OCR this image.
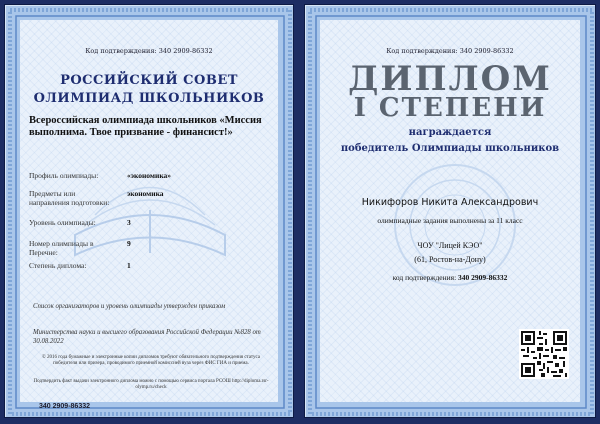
Код подтверждения: 340 2909-86332
РОССИЙСКИЙ СОВЕТ
ОЛИМПИАД ШКОЛЬНИКОВ
Всероссийская олимпиада школьников «Миссия выполнима. Твое призвание - финансист!»
Профиль олимпиады:	«экономика»
Предметы или направления подготовки:
экономика
Уровень олимпиады:	3
Номер олимпиады в Перечне:
9
Степень диплома:	1
Список организаторов и уровень олимпиады утвержден приказом
Министерства науки и высшего образования Российской Федерации №828 от 30.08.2022
© 2016 года бумажные и электронные копии дипломов требуют обязательного подтверждения статуса победителя или призера, проводимого приемной комиссией вуза через ФИС ГИА и приема.
Подтвердить факт выдачи электронного диплома можно с помощью сервиса портала РСОШ http://diploma.rsr-olymp.ru/check
340 2909-86332
Код подтверждения: 340 2909-86332
ДИПЛОМ
I СТЕПЕНИ
награждается
победитель Олимпиады школьников
Никифоров Никита Александрович
олимпиадные задания выполнены за 11 класс
ЧОУ "Лицей КЭО"
(61, Ростов-на-Дону)
код подтверждения: 340 2909-86332
